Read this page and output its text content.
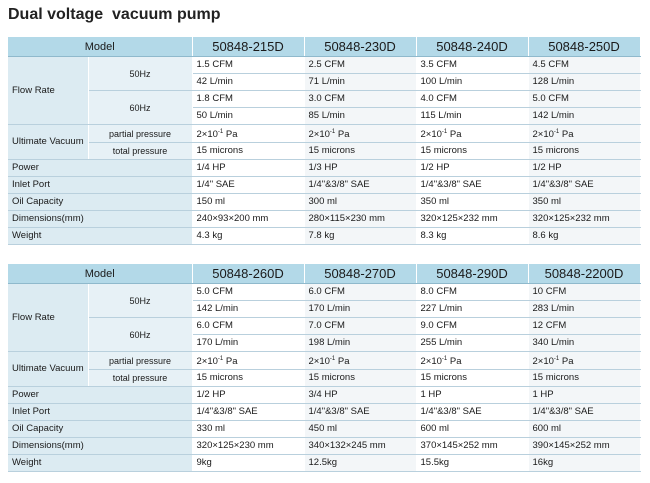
Dual voltage  vacuum pump
Model		50848-215D	50848-230D	50848-240D	50848-250D
Flow Rate	50Hz	1.5 CFM	2.5 CFM	3.5 CFM	4.5 CFM
		42 L/min	71 L/min	100 L/min	128 L/min
	60Hz	1.8 CFM	3.0 CFM	4.0 CFM	5.0 CFM
		50 L/min	85 L/min	115 L/min	142 L/min
Ultimate Vacuum	partial pressure	$2\times 10^{-1}$ Pa	$2\times 10^{-1}$ Pa	$2\times 10^{-1}$ Pa	$2\times 10^{-1}$ Pa
	total pressure	15 microns	15 microns	15 microns	15 microns
Power		1/4 HP	1/3 HP	1/2 HP	1/2 HP
Inlet Port		1/4" SAE	1/4"&3/8" SAE	1/4"&3/8" SAE	1/4"&3/8" SAE
Oil Capacity		150 ml	300 ml	350 ml	350 ml
Dimensions(mm)		240×93×200 mm	280×115×230 mm	320×125×232 mm	320×125×232 mm
Weight		4.3 kg	7.8 kg	8.3 kg	8.6 kg
Model		50848-260D	50848-270D	50848-290D	50848-2200D
Flow Rate	50Hz	5.0 CFM	6.0 CFM	8.0 CFM	10 CFM
		142 L/min	170 L/min	227 L/min	283 L/min
	60Hz	6.0 CFM	7.0 CFM	9.0 CFM	12 CFM
		170 L/min	198 L/min	255 L/min	340 L/min
Ultimate Vacuum	partial pressure	$2\times 10^{-1}$ Pa	$2\times 10^{-1}$ Pa	$2\times 10^{-1}$ Pa	$2\times 10^{-1}$ Pa
	total pressure	15 microns	15 microns	15 microns	15 microns
Power		1/2 HP	3/4 HP	1 HP	1 HP
Inlet Port		1/4"&3/8" SAE	1/4"&3/8" SAE	1/4"&3/8" SAE	1/4"&3/8" SAE
Oil Capacity		330 ml	450 ml	600 ml	600 ml
Dimensions(mm)		320×125×230 mm	340×132×245 mm	370×145×252 mm	390×145×252 mm
Weight		9kg	12.5kg	15.5kg	16kg
